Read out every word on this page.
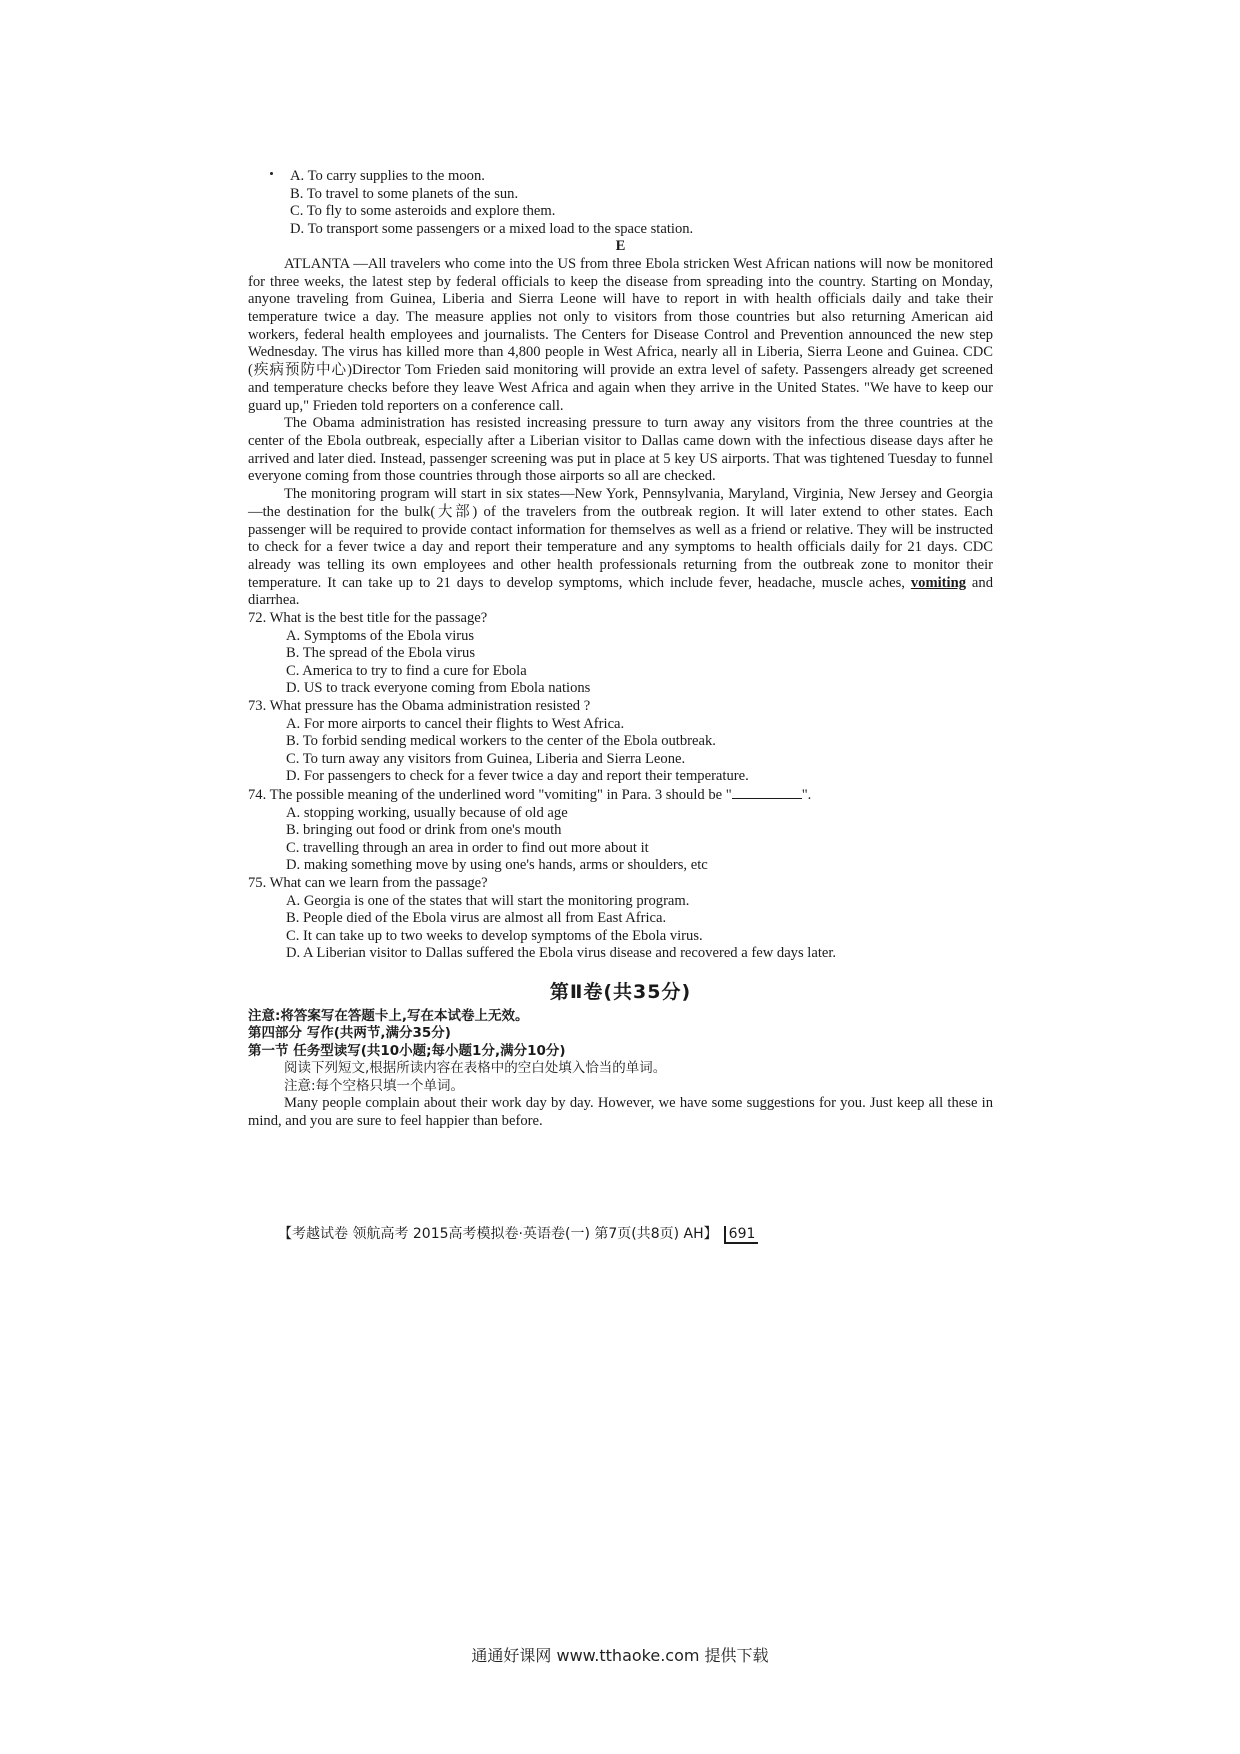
A. To carry supplies to the moon.
B. To travel to some planets of the sun.
C. To fly to some asteroids and explore them.
D. To transport some passengers or a mixed load to the space station.
E

ATLANTA —All travelers who come into the US from three Ebola stricken West African nations will now be monitored for three weeks, the latest step by federal officials to keep the disease from spreading into the country. Starting on Monday, anyone traveling from Guinea, Liberia and Sierra Leone will have to report in with health officials daily and take their temperature twice a day. The measure applies not only to visitors from those countries but also returning American aid workers, federal health employees and journalists. The Centers for Disease Control and Prevention announced the new step Wednesday. The virus has killed more than 4,800 people in West Africa, nearly all in Liberia, Sierra Leone and Guinea. CDC (疾病预防中心)Director Tom Frieden said monitoring will provide an extra level of safety. Passengers already get screened and temperature checks before they leave West Africa and again when they arrive in the United States. "We have to keep our guard up," Frieden told reporters on a conference call.

The Obama administration has resisted increasing pressure to turn away any visitors from the three countries at the center of the Ebola outbreak, especially after a Liberian visitor to Dallas came down with the infectious disease days after he arrived and later died. Instead, passenger screening was put in place at 5 key US airports. That was tightened Tuesday to funnel everyone coming from those countries through those airports so all are checked.

The monitoring program will start in six states—New York, Pennsylvania, Maryland, Virginia, New Jersey and Georgia—the destination for the bulk(大部) of the travelers from the outbreak region. It will later extend to other states. Each passenger will be required to provide contact information for themselves as well as a friend or relative. They will be instructed to check for a fever twice a day and report their temperature and any symptoms to health officials daily for 21 days. CDC already was telling its own employees and other health professionals returning from the outbreak zone to monitor their temperature. It can take up to 21 days to develop symptoms, which include fever, headache, muscle aches, vomiting and diarrhea.

72. What is the best title for the passage?
A. Symptoms of the Ebola virus
B. The spread of the Ebola virus
C. America to try to find a cure for Ebola
D. US to track everyone coming from Ebola nations
73. What pressure has the Obama administration resisted ?
A. For more airports to cancel their flights to West Africa.
B. To forbid sending medical workers to the center of the Ebola outbreak.
C. To turn away any visitors from Guinea, Liberia and Sierra Leone.
D. For passengers to check for a fever twice a day and report their temperature.
74. The possible meaning of the underlined word "vomiting" in Para. 3 should be "	".
A. stopping working, usually because of old age
B. bringing out food or drink from one's mouth
C. travelling through an area in order to find out more about it
D. making something move by using one's hands, arms or shoulders, etc
75. What can we learn from the passage?
A. Georgia is one of the states that will start the monitoring program.
B. People died of the Ebola virus are almost all from East Africa.
C. It can take up to two weeks to develop symptoms of the Ebola virus.
D. A Liberian visitor to Dallas suffered the Ebola virus disease and recovered a few days later.
第Ⅱ卷(共35分)
注意:将答案写在答题卡上,写在本试卷上无效。
第四部分 写作(共两节,满分35分)
第一节 任务型读写(共10小题;每小题1分,满分10分)
阅读下列短文,根据所读内容在表格中的空白处填入恰当的单词。
注意:每个空格只填一个单词。

Many people complain about their work day by day. However, we have some suggestions for you. Just keep all these in mind, and you are sure to feel happier than before.

【考越试卷 领航高考 2015高考模拟卷·英语卷(一) 第7页(共8页) AH】 691
通通好课网 www.tthaoke.com 提供下载
